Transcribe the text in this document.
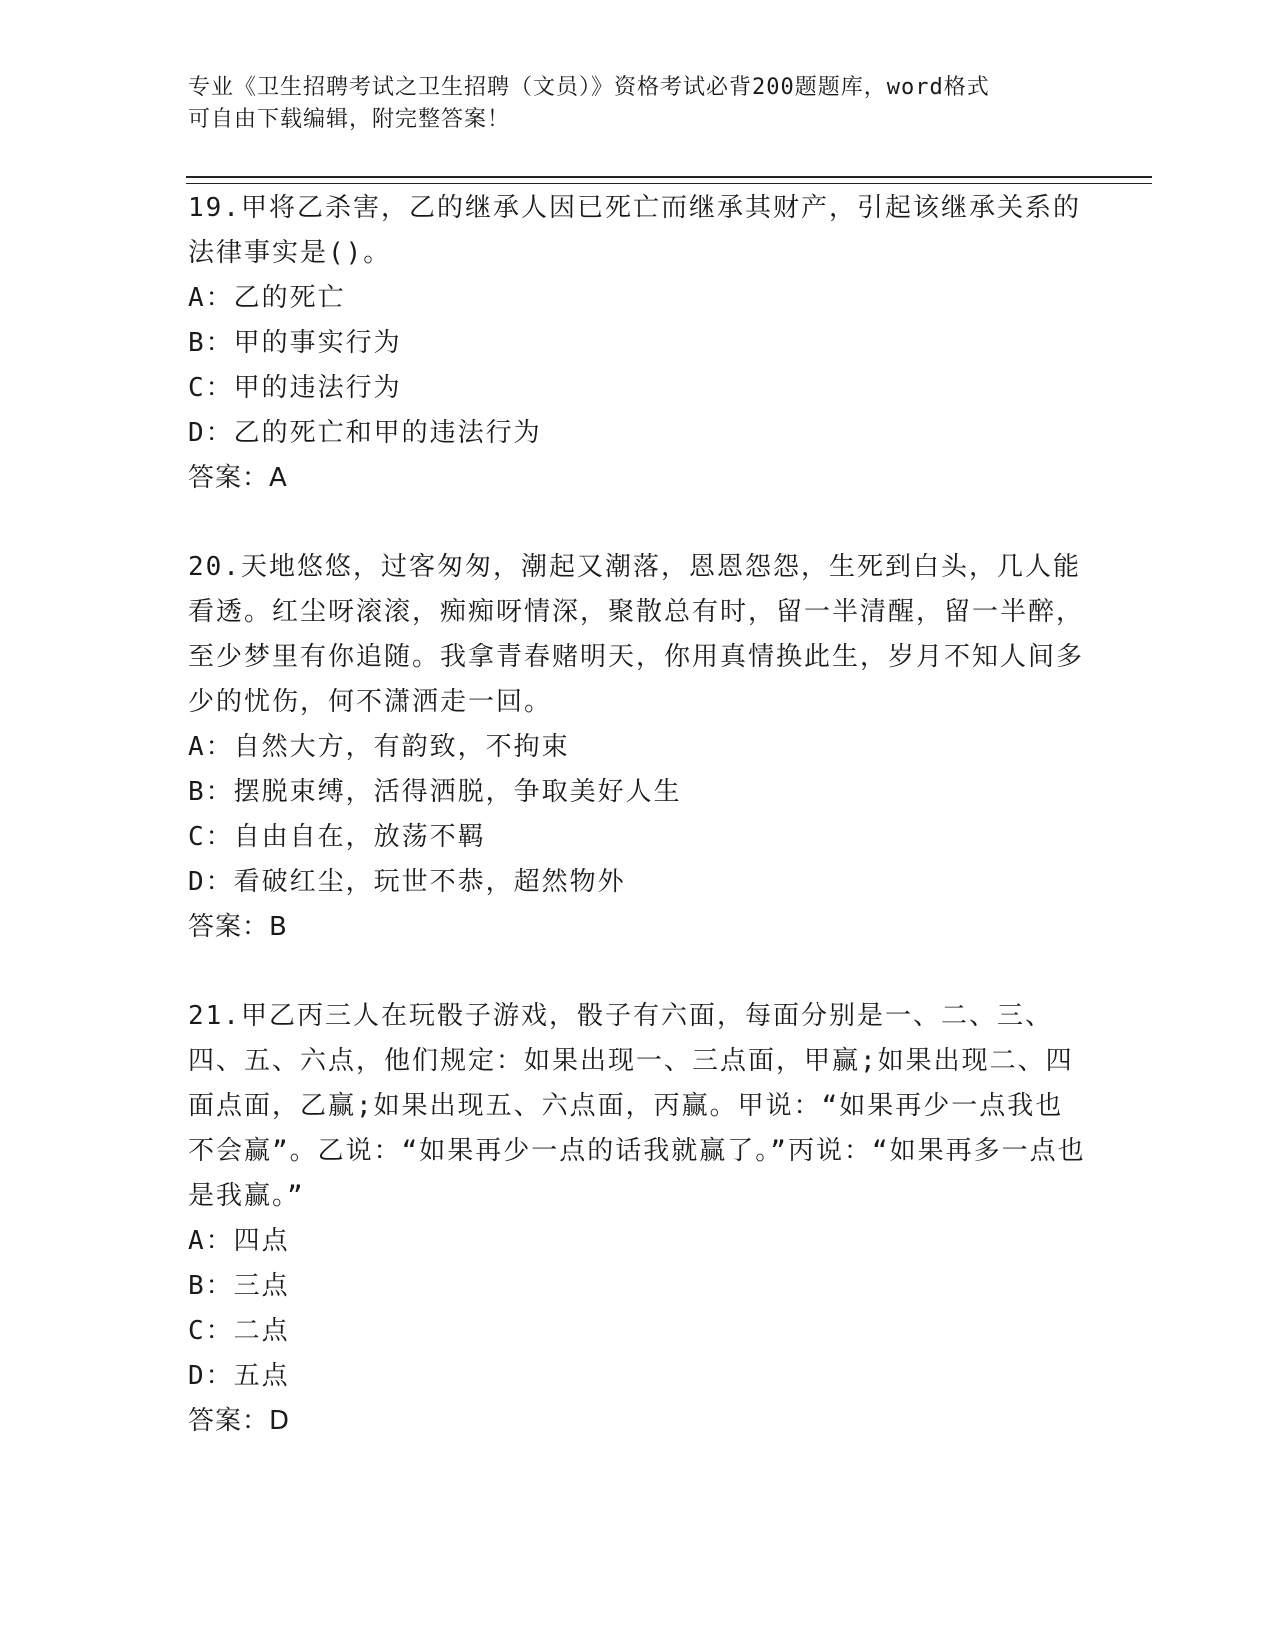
专业《卫生招聘考试之卫生招聘（文员）》资格考试必背200题题库，word格式
可自由下载编辑，附完整答案！
19.甲将乙杀害，乙的继承人因已死亡而继承其财产，引起该继承关系的法律事实是()。
A：乙的死亡
B：甲的事实行为
C：甲的违法行为
D：乙的死亡和甲的违法行为
答案：A
20.天地悠悠，过客匆匆，潮起又潮落，恩恩怨怨，生死到白头，几人能看透。红尘呀滚滚，痴痴呀情深，聚散总有时，留一半清醒，留一半醉，至少梦里有你追随。我拿青春赌明天，你用真情换此生，岁月不知人间多少的忧伤，何不潇洒走一回。
A：自然大方，有韵致，不拘束
B：摆脱束缚，活得洒脱，争取美好人生
C：自由自在，放荡不羁
D：看破红尘，玩世不恭，超然物外
答案：B
21.甲乙丙三人在玩骰子游戏，骰子有六面，每面分别是一、二、三、四、五、六点，他们规定：如果出现一、三点面，甲赢;如果出现二、四面点面，乙赢;如果出现五、六点面，丙赢。甲说：“如果再少一点我也不会赢”。乙说：“如果再少一点的话我就赢了。”丙说：“如果再多一点也是我赢。”
A：四点
B：三点
C：二点
D：五点
答案：D
